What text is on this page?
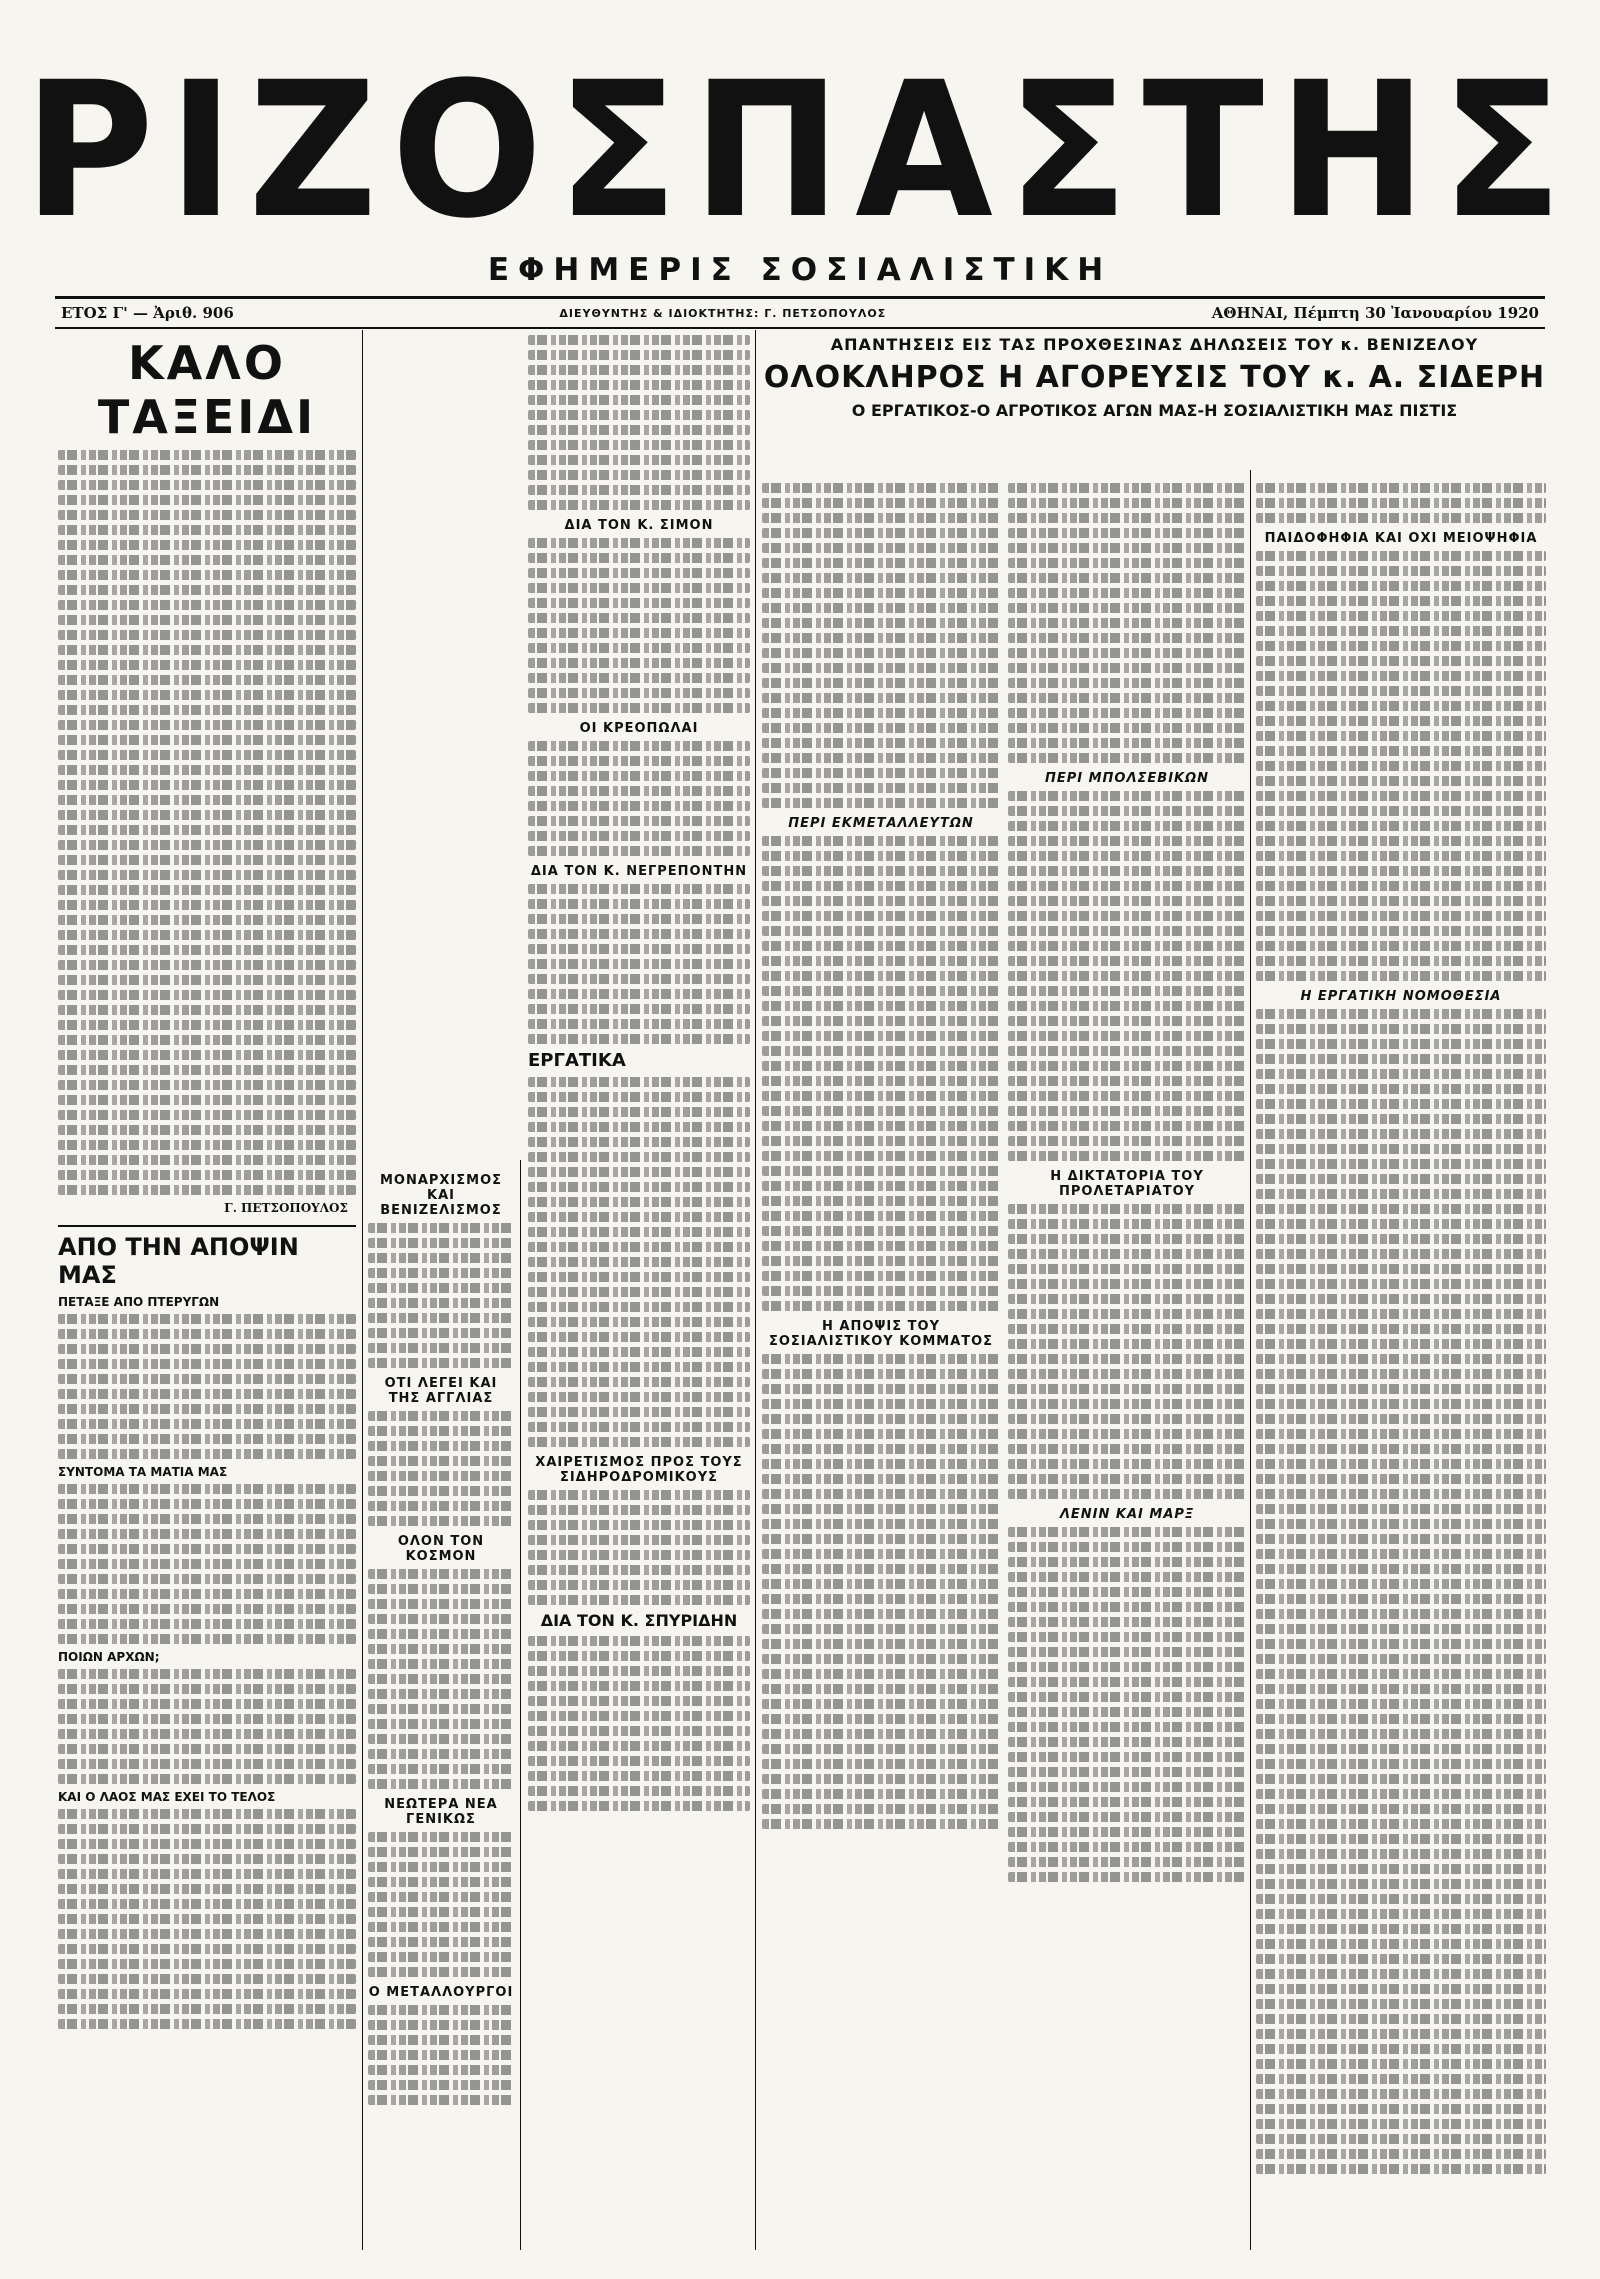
ΡΙΖΟΣΠΑΣΤΗΣ
ΕΦΗΜΕΡΙΣ ΣΟΣΙΑΛΙΣΤΙΚΗ
ΕΤΟΣ Γ' — Ἀριθ. 906	ΔΙΕΥΘΥΝΤΗΣ & ΙΔΙΟΚΤΗΤΗΣ: Γ. ΠΕΤΣΟΠΟΥΛΟΣ	ΑΘΗΝΑΙ, Πέμπτη 30 Ἰανουαρίου 1920
ΚΑΛΟ ΤΑΞΕΙΔΙ
Γ. ΠΕΤΣΟΠΟΥΛΟΣ
ΑΠΟ ΤΗΝ ΑΠΟΨΙΝ ΜΑΣ
ΠΕΤΑΞΕ ΑΠΟ ΠΤΕΡΥΓΩΝ
ΣΥΝΤΟΜΑ ΤΑ ΜΑΤΙΑ ΜΑΣ
ΠΟΙΩΝ ΑΡΧΩΝ;
ΚΑΙ Ο ΛΑΟΣ ΜΑΣ ΕΧΕΙ ΤΟ ΤΕΛΟΣ
ΜΟΝΑΡΧΙΣΜΟΣ ΚΑΙ ΒΕΝΙΖΕΛΙΣΜΟΣ
ΟΤΙ ΛΕΓΕΙ ΚΑΙ ΤΗΣ ΑΓΓΛΙΑΣ
ΟΛΟΝ ΤΟΝ ΚΟΣΜΟΝ
ΝΕΩΤΕΡΑ ΝΕΑ ΓΕΝΙΚΩΣ
Ο ΜΕΤΑΛΛΟΥΡΓΟΙ
ΔΙΑ ΤΟΝ Κ. ΣΙΜΟΝ
ΟΙ ΚΡΕΟΠΩΛΑΙ
ΔΙΑ ΤΟΝ Κ. ΝΕΓΡΕΠΟΝΤΗΝ
ΕΡΓΑΤΙΚΑ
ΧΑΙΡΕΤΙΣΜΟΣ ΠΡΟΣ ΤΟΥΣ ΣΙΔΗΡΟΔΡΟΜΙΚΟΥΣ
ΔΙΑ ΤΟΝ Κ. ΣΠΥΡΙΔΗΝ
ΑΠΑΝΤΗΣΕΙΣ ΕΙΣ ΤΑΣ ΠΡΟΧΘΕΣΙΝΑΣ ΔΗΛΩΣΕΙΣ ΤΟΥ κ. ΒΕΝΙΖΕΛΟΥ
ΟΛΟΚΛΗΡΟΣ Η ΑΓΟΡΕΥΣΙΣ ΤΟΥ κ. Α. ΣΙΔΕΡΗ
Ο ΕΡΓΑΤΙΚΟΣ-Ο ΑΓΡΟΤΙΚΟΣ ΑΓΩΝ ΜΑΣ-Η ΣΟΣΙΑΛΙΣΤΙΚΗ ΜΑΣ ΠΙΣΤΙΣ
ΠΕΡΙ ΕΚΜΕΤΑΛΛΕΥΤΩΝ
Η ΑΠΟΨΙΣ ΤΟΥ ΣΟΣΙΑΛΙΣΤΙΚΟΥ ΚΟΜΜΑΤΟΣ
ΠΕΡΙ ΜΠΟΛΣΕΒΙΚΩΝ
Η ΔΙΚΤΑΤΟΡΙΑ ΤΟΥ ΠΡΟΛΕΤΑΡΙΑΤΟΥ
ΛΕΝΙΝ ΚΑΙ ΜΑΡΞ
ΠΑΙΔΟΦΗΦΙΑ ΚΑΙ ΟΧΙ ΜΕΙΟΨΗΦΙΑ
Η ΕΡΓΑΤΙΚΗ ΝΟΜΟΘΕΣΙΑ
